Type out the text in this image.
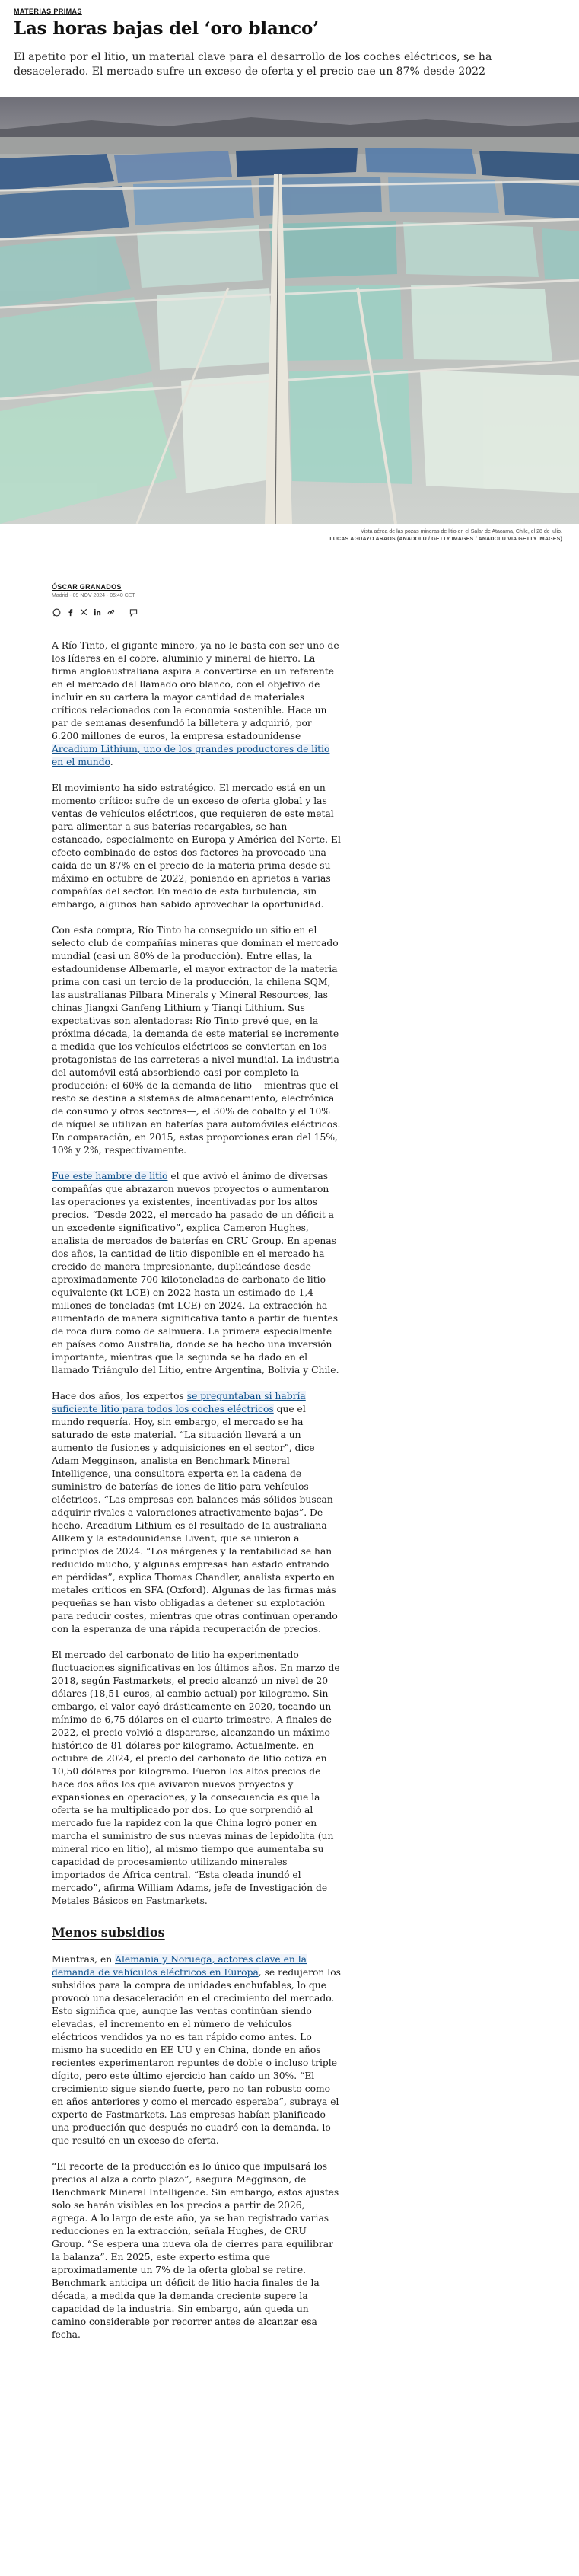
MATERIAS PRIMAS
Las horas bajas del ‘oro blanco’

El apetito por el litio, un material clave para el desarrollo de los coches eléctricos, se ha desacelerado. El mercado sufre un exceso de oferta y el precio cae un 87% desde 2022

Vista aérea de las pozas mineras de litio en el Salar de Atacama, Chile, el 28 de julio.
LUCAS AGUAYO ARAOS (ANADOLU / GETTY IMAGES / ANADOLU VIA GETTY IMAGES)
ÓSCAR GRANADOS
Madrid - 09 NOV 2024 - 05:40 CET

A Río Tinto, el gigante minero, ya no le basta con ser uno de los líderes en el cobre, aluminio y mineral de hierro. La firma angloaustraliana aspira a convertirse en un referente en el mercado del llamado oro blanco, con el objetivo de incluir en su cartera la mayor cantidad de materiales críticos relacionados con la economía sostenible. Hace un par de semanas desenfundó la billetera y adquirió, por 6.200 millones de euros, la empresa estadounidense Arcadium Lithium, uno de los grandes productores de litio en el mundo.

El movimiento ha sido estratégico. El mercado está en un momento crítico: sufre de un exceso de oferta global y las ventas de vehículos eléctricos, que requieren de este metal para alimentar a sus baterías recargables, se han estancado, especialmente en Europa y América del Norte. El efecto combinado de estos dos factores ha provocado una caída de un 87% en el precio de la materia prima desde su máximo en octubre de 2022, poniendo en aprietos a varias compañías del sector. En medio de esta turbulencia, sin embargo, algunos han sabido aprovechar la oportunidad.

Con esta compra, Río Tinto ha conseguido un sitio en el selecto club de compañías mineras que dominan el mercado mundial (casi un 80% de la producción). Entre ellas, la estadounidense Albemarle, el mayor extractor de la materia prima con casi un tercio de la producción, la chilena SQM, las australianas Pilbara Minerals y Mineral Resources, las chinas Jiangxi Ganfeng Lithium y Tianqi Lithium. Sus expectativas son alentadoras: Río Tinto prevé que, en la próxima década, la demanda de este material se incremente a medida que los vehículos eléctricos se conviertan en los protagonistas de las carreteras a nivel mundial. La industria del automóvil está absorbiendo casi por completo la producción: el 60% de la demanda de litio —mientras que el resto se destina a sistemas de almacenamiento, electrónica de consumo y otros sectores—, el 30% de cobalto y el 10% de níquel se utilizan en baterías para automóviles eléctricos. En comparación, en 2015, estas proporciones eran del 15%, 10% y 2%, respectivamente.

Fue este hambre de litio el que avivó el ánimo de diversas compañías que abrazaron nuevos proyectos o aumentaron las operaciones ya existentes, incentivadas por los altos precios. “Desde 2022, el mercado ha pasado de un déficit a un excedente significativo”, explica Cameron Hughes, analista de mercados de baterías en CRU Group. En apenas dos años, la cantidad de litio disponible en el mercado ha crecido de manera impresionante, duplicándose desde aproximadamente 700 kilotoneladas de carbonato de litio equivalente (kt LCE) en 2022 hasta un estimado de 1,4 millones de toneladas (mt LCE) en 2024. La extracción ha aumentado de manera significativa tanto a partir de fuentes de roca dura como de salmuera. La primera especialmente en países como Australia, donde se ha hecho una inversión importante, mientras que la segunda se ha dado en el llamado Triángulo del Litio, entre Argentina, Bolivia y Chile.

Hace dos años, los expertos se preguntaban si habría suficiente litio para todos los coches eléctricos que el mundo requería. Hoy, sin embargo, el mercado se ha saturado de este material. “La situación llevará a un aumento de fusiones y adquisiciones en el sector”, dice Adam Megginson, analista en Benchmark Mineral Intelligence, una consultora experta en la cadena de suministro de baterías de iones de litio para vehículos eléctricos. “Las empresas con balances más sólidos buscan adquirir rivales a valoraciones atractivamente bajas”. De hecho, Arcadium Lithium es el resultado de la australiana Allkem y la estadounidense Livent, que se unieron a principios de 2024. “Los márgenes y la rentabilidad se han reducido mucho, y algunas empresas han estado entrando en pérdidas”, explica Thomas Chandler, analista experto en metales críticos en SFA (Oxford). Algunas de las firmas más pequeñas se han visto obligadas a detener su explotación para reducir costes, mientras que otras continúan operando con la esperanza de una rápida recuperación de precios.

El mercado del carbonato de litio ha experimentado fluctuaciones significativas en los últimos años. En marzo de 2018, según Fastmarkets, el precio alcanzó un nivel de 20 dólares (18,51 euros, al cambio actual) por kilogramo. Sin embargo, el valor cayó drásticamente en 2020, tocando un mínimo de 6,75 dólares en el cuarto trimestre. A finales de 2022, el precio volvió a dispararse, alcanzando un máximo histórico de 81 dólares por kilogramo. Actualmente, en octubre de 2024, el precio del carbonato de litio cotiza en 10,50 dólares por kilogramo. Fueron los altos precios de hace dos años los que avivaron nuevos proyectos y expansiones en operaciones, y la consecuencia es que la oferta se ha multiplicado por dos. Lo que sorprendió al mercado fue la rapidez con la que China logró poner en marcha el suministro de sus nuevas minas de lepidolita (un mineral rico en litio), al mismo tiempo que aumentaba su capacidad de procesamiento utilizando minerales importados de África central. “Esta oleada inundó el mercado”, afirma William Adams, jefe de Investigación de Metales Básicos en Fastmarkets.

Menos subsidios

Mientras, en Alemania y Noruega, actores clave en la demanda de vehículos eléctricos en Europa, se redujeron los subsidios para la compra de unidades enchufables, lo que provocó una desaceleración en el crecimiento del mercado. Esto significa que, aunque las ventas continúan siendo elevadas, el incremento en el número de vehículos eléctricos vendidos ya no es tan rápido como antes. Lo mismo ha sucedido en EE UU y en China, donde en años recientes experimentaron repuntes de doble o incluso triple dígito, pero este último ejercicio han caído un 30%. “El crecimiento sigue siendo fuerte, pero no tan robusto como en años anteriores y como el mercado esperaba”, subraya el experto de Fastmarkets. Las empresas habían planificado una producción que después no cuadró con la demanda, lo que resultó en un exceso de oferta.

“El recorte de la producción es lo único que impulsará los precios al alza a corto plazo”, asegura Megginson, de Benchmark Mineral Intelligence. Sin embargo, estos ajustes solo se harán visibles en los precios a partir de 2026, agrega. A lo largo de este año, ya se han registrado varias reducciones en la extracción, señala Hughes, de CRU Group. “Se espera una nueva ola de cierres para equilibrar la balanza”. En 2025, este experto estima que aproximadamente un 7% de la oferta global se retire. Benchmark anticipa un déficit de litio hacia finales de la década, a medida que la demanda creciente supere la capacidad de la industria. Sin embargo, aún queda un camino considerable por recorrer antes de alcanzar esa fecha.
